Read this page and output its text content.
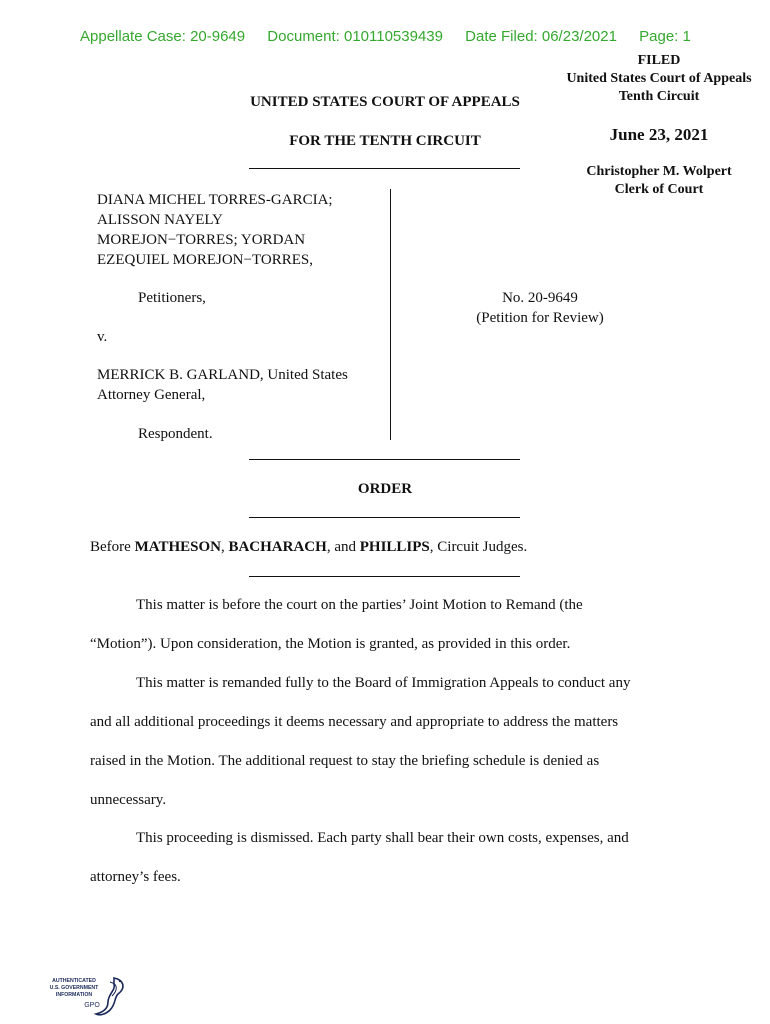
Appellate Case: 20-9649 Document: 010110539439 Date Filed: 06/23/2021 Page: 1
FILED
United States Court of Appeals
Tenth Circuit
June 23, 2021
Christopher M. Wolpert
Clerk of Court
UNITED STATES COURT OF APPEALS
FOR THE TENTH CIRCUIT
DIANA MICHEL TORRES-GARCIA;
ALISSON NAYELY
MOREJON−TORRES; YORDAN
EZEQUIEL MOREJON−TORRES,
Petitioners,
v.
MERRICK B. GARLAND, United States
Attorney General,
Respondent.
No. 20-9649
(Petition for Review)
ORDER
Before MATHESON, BACHARACH, and PHILLIPS, Circuit Judges.
This matter is before the court on the parties’ Joint Motion to Remand (the
“Motion”). Upon consideration, the Motion is granted, as provided in this order.
This matter is remanded fully to the Board of Immigration Appeals to conduct any
and all additional proceedings it deems necessary and appropriate to address the matters
raised in the Motion. The additional request to stay the briefing schedule is denied as
unnecessary.
This proceeding is dismissed. Each party shall bear their own costs, expenses, and
attorney’s fees.
AUTHENTICATED
U.S. GOVERNMENT
INFORMATION
GPO
